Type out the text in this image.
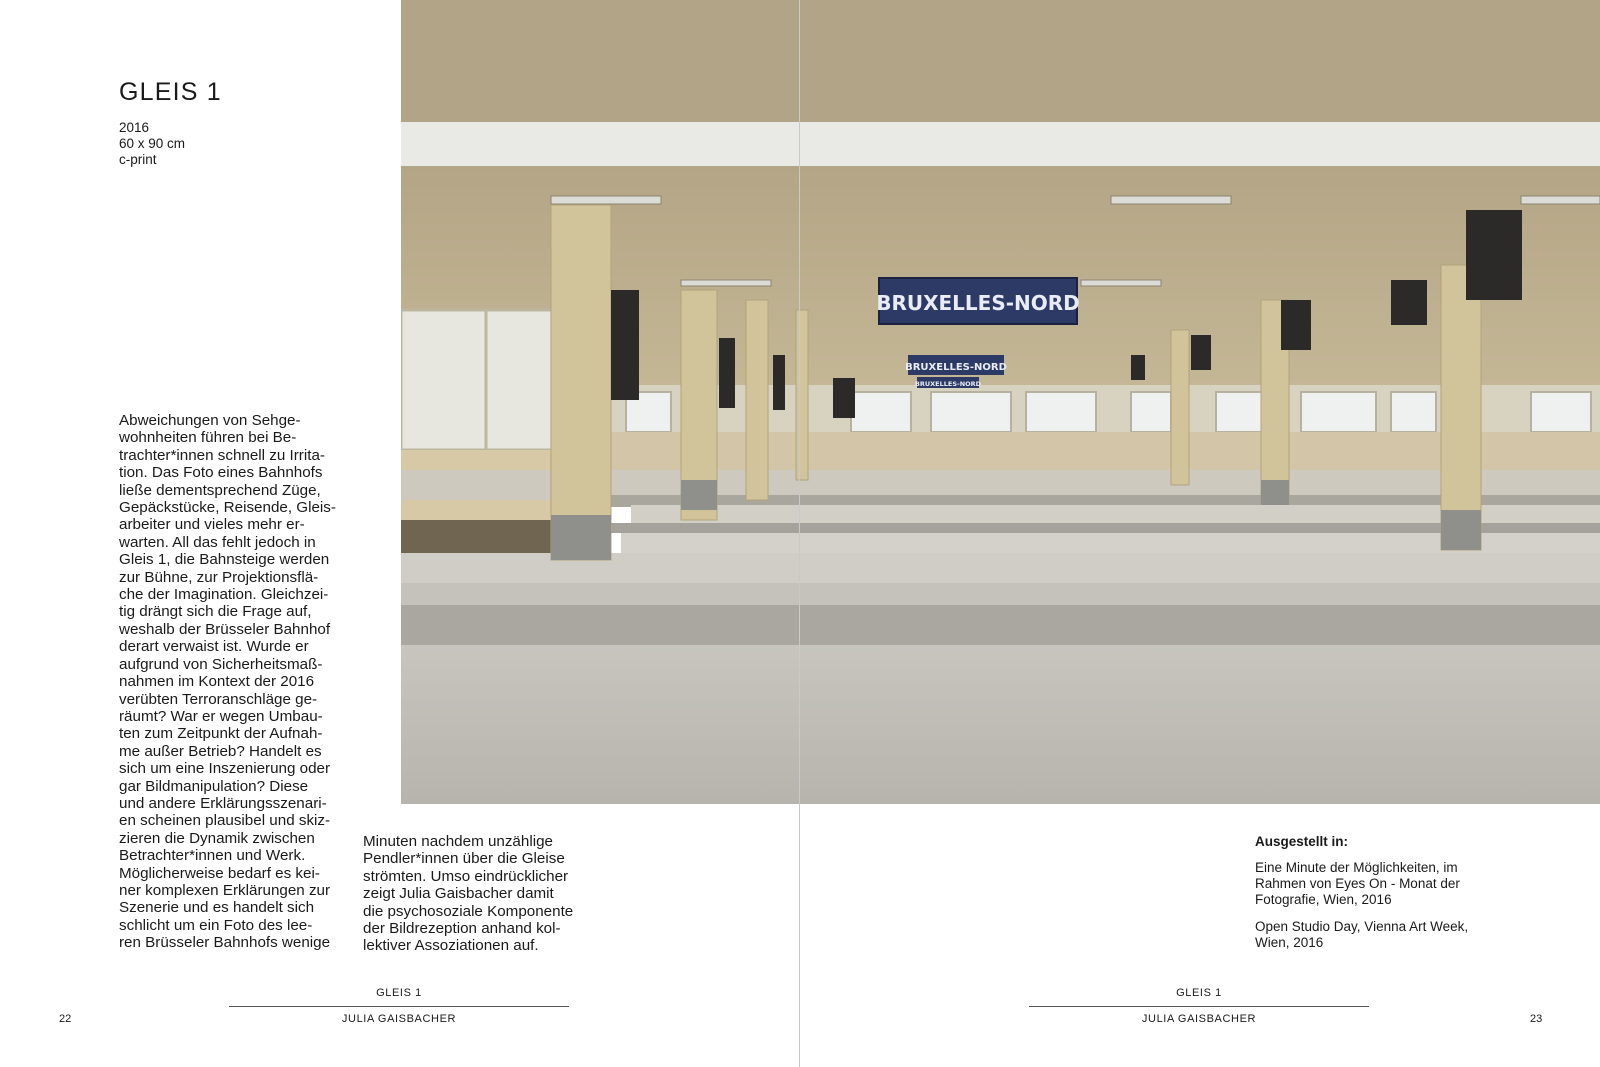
GLEIS 1
2016
60 x 90 cm
c-print
Abweichungen von Sehge-
wohnheiten führen bei Be-
trachter*innen schnell zu Irrita-
tion. Das Foto eines Bahnhofs
ließe dementsprechend Züge,
Gepäckstücke, Reisende, Gleis-
arbeiter und vieles mehr er-
warten. All das fehlt jedoch in
Gleis 1, die Bahnsteige werden
zur Bühne, zur Projektionsflä-
che der Imagination. Gleichzei-
tig drängt sich die Frage auf,
weshalb der Brüsseler Bahnhof
derart verwaist ist. Wurde er
aufgrund von Sicherheitsmaß-
nahmen im Kontext der 2016
verübten Terroranschläge ge-
räumt? War er wegen Umbau-
ten zum Zeitpunkt der Aufnah-
me außer Betrieb? Handelt es
sich um eine Inszenierung oder
gar Bildmanipulation? Diese
und andere Erklärungsszenari-
en scheinen plausibel und skiz-
zieren die Dynamik zwischen
Betrachter*innen und Werk.
Möglicherweise bedarf es kei-
ner komplexen Erklärungen zur
Szenerie und es handelt sich
schlicht um ein Foto des lee-
ren Brüsseler Bahnhofs wenige
Minuten nachdem unzählige
Pendler*innen über die Gleise
strömten. Umso eindrücklicher
zeigt Julia Gaisbacher damit
die psychosoziale Komponente
der Bildrezeption anhand kol-
lektiver Assoziationen auf.
GLEIS 1
JULIA GAISBACHER
22
BRUXELLES-NORD
BRUXELLES-NORD
BRUXELLES-NORD
GLEIS 1
JULIA GAISBACHER	23
Ausgestellt in:
Eine Minute der Möglichkeiten, im Rahmen von Eyes On - Monat der Fotografie, Wien, 2016
Open Studio Day, Vienna Art Week, Wien, 2016
